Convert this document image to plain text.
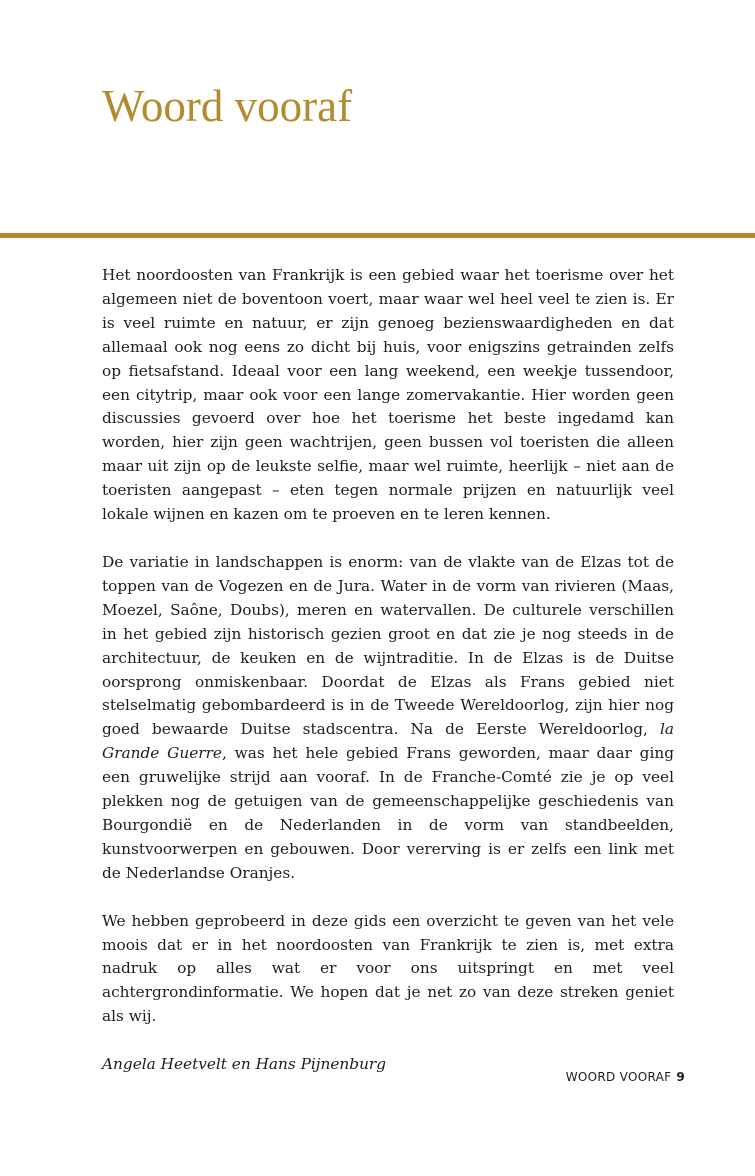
Woord vooraf

Het noordoosten van Frankrijk is een gebied waar het toerisme over het algemeen niet de boventoon voert, maar waar wel heel veel te zien is. Er is veel ruimte en natuur, er zijn genoeg bezienswaardigheden en dat allemaal ook nog eens zo dicht bij huis, voor enigszins getrainden zelfs op fietsafstand. Ideaal voor een lang weekend, een weekje tussendoor, een citytrip, maar ook voor een lange zomervakantie. Hier worden geen discussies gevoerd over hoe het toerisme het beste ingedamd kan worden, hier zijn geen wachtrijen, geen bussen vol toeristen die alleen maar uit zijn op de leukste selfie, maar wel ruimte, heerlijk – niet aan de toeristen aangepast – eten tegen normale prijzen en natuurlijk veel lokale wijnen en kazen om te proeven en te leren kennen.

De variatie in landschappen is enorm: van de vlakte van de Elzas tot de toppen van de Vogezen en de Jura. Water in de vorm van rivieren (Maas, Moezel, Saône, Doubs), meren en watervallen. De culturele verschillen in het gebied zijn historisch gezien groot en dat zie je nog steeds in de architectuur, de keuken en de wijntraditie. In de Elzas is de Duitse oorsprong onmiskenbaar. Doordat de Elzas als Frans gebied niet stelselmatig gebombardeerd is in de Tweede Wereldoorlog, zijn hier nog goed bewaarde Duitse stadscentra. Na de Eerste Wereldoorlog, la Grande Guerre, was het hele gebied Frans geworden, maar daar ging een gruwelijke strijd aan vooraf. In de Franche-Comté zie je op veel plekken nog de getuigen van de gemeenschappelijke geschiedenis van Bourgondië en de Nederlanden in de vorm van standbeelden, kunstvoorwerpen en gebouwen. Door vererving is er zelfs een link met de Nederlandse Oranjes.

We hebben geprobeerd in deze gids een overzicht te geven van het vele moois dat er in het noordoosten van Frankrijk te zien is, met extra nadruk op alles wat er voor ons uitspringt en met veel achtergrondinformatie. We hopen dat je net zo van deze streken geniet als wij.

Angela Heetvelt en Hans Pijnenburg

WOORD VOORAF 9
